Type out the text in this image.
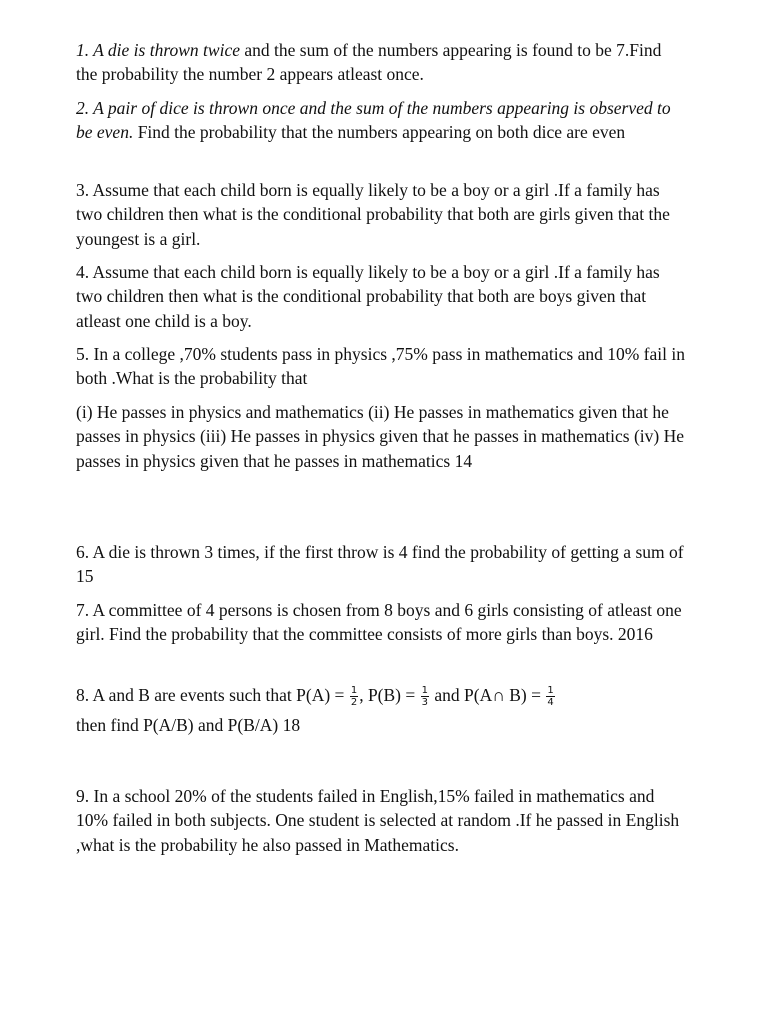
1. A die is thrown twice and the sum of the numbers appearing is found to be 7.Find the probability the number 2 appears atleast once.

2. A pair of dice is thrown once and the sum of the numbers appearing is observed to be even. Find the probability that the numbers appearing on both dice are even

3. Assume that each child born is equally likely to be a boy or a girl .If a family has two children then what is the conditional probability that both are girls given that the youngest is a girl.

4. Assume that each child born is equally likely to be a boy or a girl .If a family has two children then what is the conditional probability that both are boys given that atleast one child is a boy.

5. In a college ,70% students pass in physics ,75% pass in mathematics and 10% fail in both .What is the probability that

(i) He passes in physics and mathematics (ii) He passes in mathematics given that he passes in physics (iii) He passes in physics given that he passes in mathematics (iv) He passes in physics given that he passes in mathematics 14

6. A die is thrown 3 times, if the first throw is 4 find the probability of getting a sum of 15

7. A committee of 4 persons is chosen from 8 boys and 6 girls consisting of atleast one girl. Find the probability that the committee consists of more girls than boys. 2016

8. A and B are events such that $P(A) = \frac{1}{2}$ , $P(B) = \frac{1}{3}$ and P(A∩ $B) = \frac{1}{4}$

then find P(A/B) and P(B/A) 18

9. In a school 20% of the students failed in English,15% failed in mathematics and 10% failed in both subjects. One student is selected at random .If he passed in English ,what is the probability he also passed in Mathematics.
